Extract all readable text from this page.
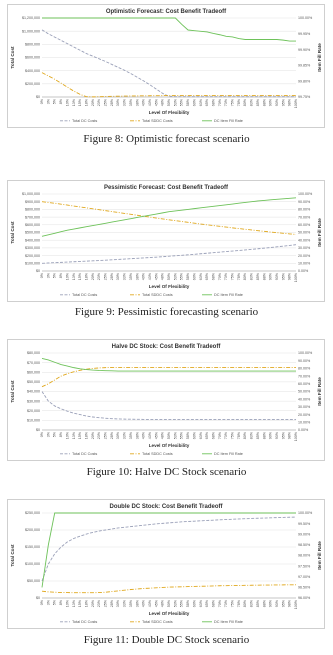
Optimistic Forecast: Cost Benefit Tradeoff
$0
$200,000
$400,000
$600,000
$800,000
$1,000,000
$1,200,000
99.75%
99.80%
99.85%
99.90%
99.95%
100.00%
0% 3% 5% 8% 10% 13% 15% 18% 20% 23% 25% 28% 30% 33% 35% 38% 40% 43% 45% 48% 50% 53% 55% 58% 60% 63% 65% 68% 70% 73% 75% 78% 80% 83% 85% 88% 90% 93% 95% 98% 100%
Level Of Flexibility
Total Cost	Item Fill Rate
Total DC Costs	Total SDDC Costs	DC Item Fill Rate
Figure 8: Optimistic forecast scenario
Pessimistic Forecast: Cost Benefit Tradeoff
$0
$100,000
$200,000
$300,000
$400,000
$500,000
$600,000
$700,000
$800,000
$900,000
$1,000,000
0.00%
10.00%
20.00%
30.00%
40.00%
50.00%
60.00%
70.00%
80.00%
90.00%
100.00%
0% 3% 5% 8% 10% 13% 15% 18% 20% 23% 25% 28% 30% 33% 35% 38% 40% 43% 45% 48% 50% 53% 55% 58% 60% 63% 65% 68% 70% 73% 75% 78% 80% 83% 85% 88% 90% 93% 95% 98% 100%
Level Of Flexibility
Total Cost	Item Fill Rate
Total DC Costs	Total SDDC Costs	DC Item Fill Rate
Figure 9: Pessimistic forecasting scenario
Halve DC Stock: Cost Benefit Tradeoff
$0
$10,000
$20,000
$30,000
$40,000
$50,000
$60,000
$70,000
$80,000
0.00%
10.00%
20.00%
30.00%
40.00%
50.00%
60.00%
70.00%
80.00%
90.00%
100.00%
0% 3% 5% 8% 10% 13% 15% 18% 20% 23% 25% 28% 30% 33% 35% 38% 40% 43% 45% 48% 50% 53% 55% 58% 60% 63% 65% 68% 70% 73% 75% 78% 80% 83% 85% 88% 90% 93% 95% 98% 100%
Level Of Flexibility
Total Cost	Item Fill Rate
Total DC Costs	Total SDDC Costs	DC Item Fill Rate
Figure 10: Halve DC Stock scenario
Double DC Stock: Cost Benefit Tradeoff
$0
$50,000
$100,000
$150,000
$200,000
$250,000
96.00%
96.50%
97.00%
97.50%
98.00%
98.50%
99.00%
99.50%
100.00%
0% 3% 5% 8% 10% 13% 15% 18% 20% 23% 25% 28% 30% 33% 35% 38% 40% 43% 45% 48% 50% 53% 55% 58% 60% 63% 65% 68% 70% 73% 75% 78% 80% 83% 85% 88% 90% 93% 95% 98% 100%
Level Of Flexibility
Total Cost	Item Fill Rate
Total DC Costs	Total SDDC Costs	DC Item Fill Rate
Figure 11: Double DC Stock scenario
